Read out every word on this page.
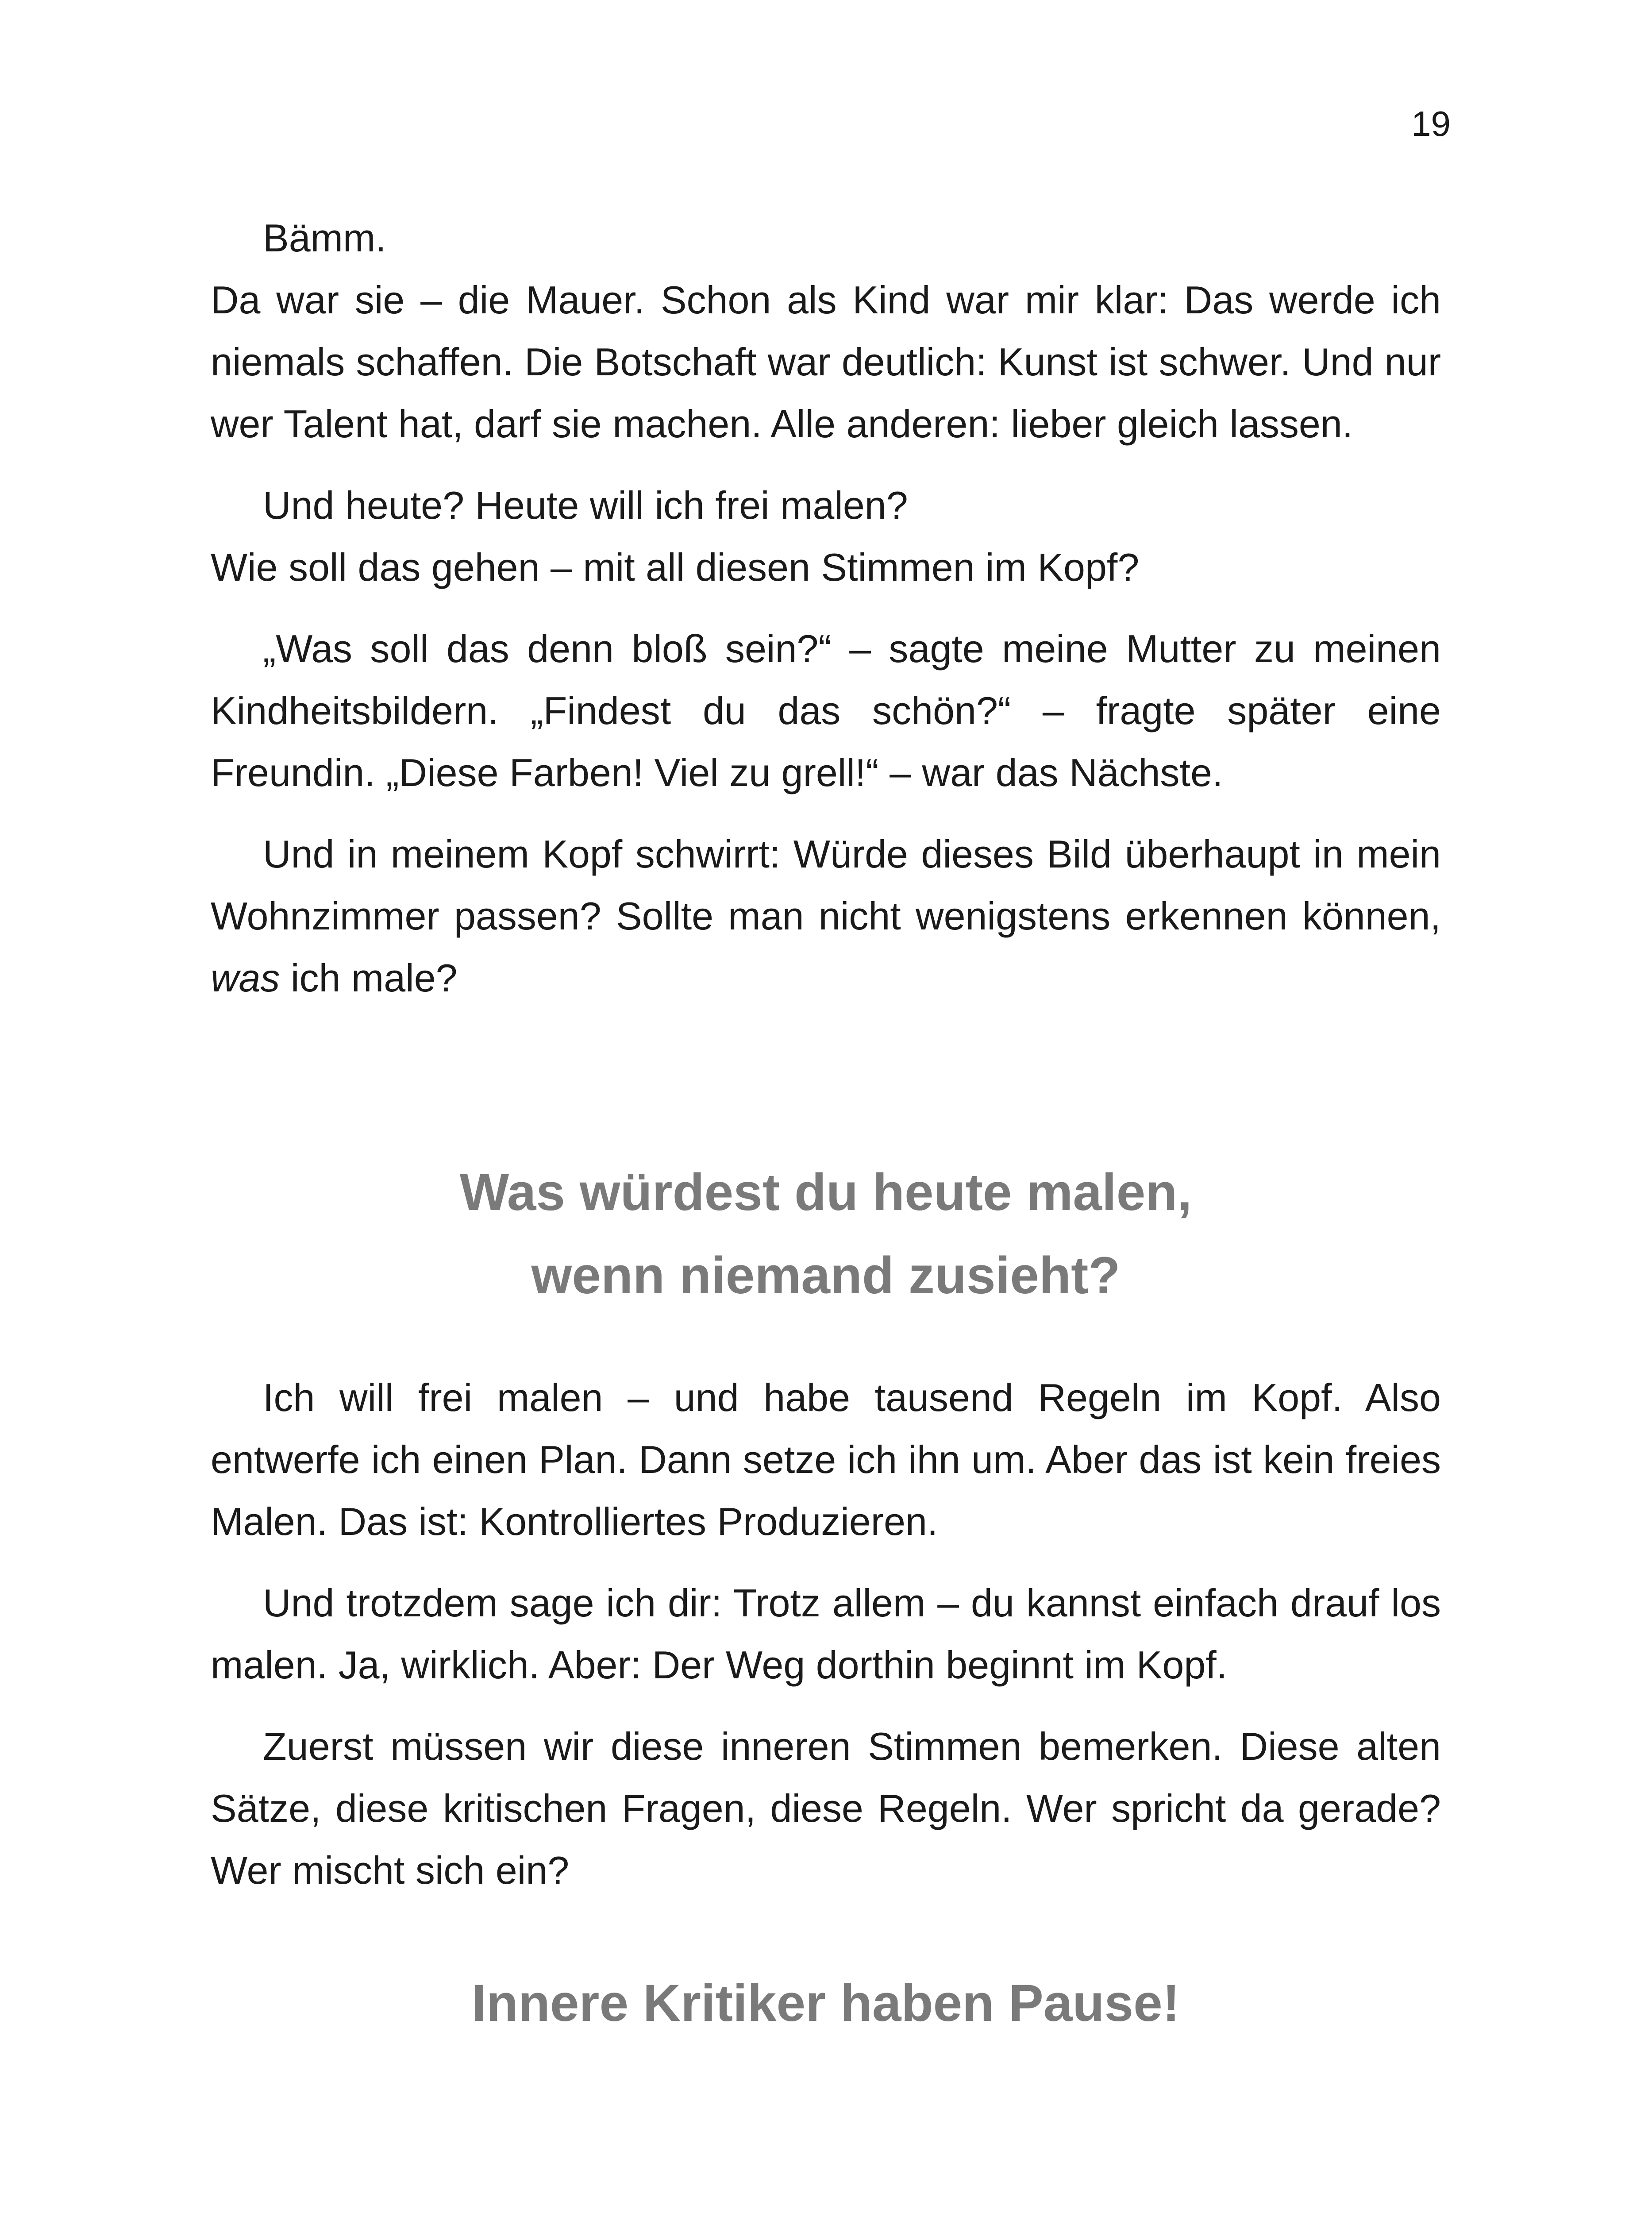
19

Bämm.

Da war sie – die Mauer. Schon als Kind war mir klar: Das werde ich niemals schaffen. Die Botschaft war deutlich: Kunst ist schwer. Und nur wer Talent hat, darf sie machen. Alle anderen: lieber gleich lassen.

Und heute? Heute will ich frei malen?

Wie soll das gehen – mit all diesen Stimmen im Kopf?

„Was soll das denn bloß sein?“ – sagte meine Mutter zu meinen Kindheitsbildern. „Findest du das schön?“ – fragte später eine Freundin. „Diese Farben! Viel zu grell!“ – war das Nächste.

Und in meinem Kopf schwirrt: Würde dieses Bild überhaupt in mein Wohnzimmer passen? Sollte man nicht wenigstens erkennen können, was ich male?

Was würdest du heute malen,
wenn niemand zusieht?

Ich will frei malen – und habe tausend Regeln im Kopf. Also entwerfe ich einen Plan. Dann setze ich ihn um. Aber das ist kein freies Malen. Das ist: Kontrolliertes Produzieren.

Und trotzdem sage ich dir: Trotz allem – du kannst einfach drauf los malen. Ja, wirklich. Aber: Der Weg dorthin beginnt im Kopf.

Zuerst müssen wir diese inneren Stimmen bemerken. Diese alten Sätze, diese kritischen Fragen, diese Regeln. Wer spricht da gerade? Wer mischt sich ein?

Innere Kritiker haben Pause!
